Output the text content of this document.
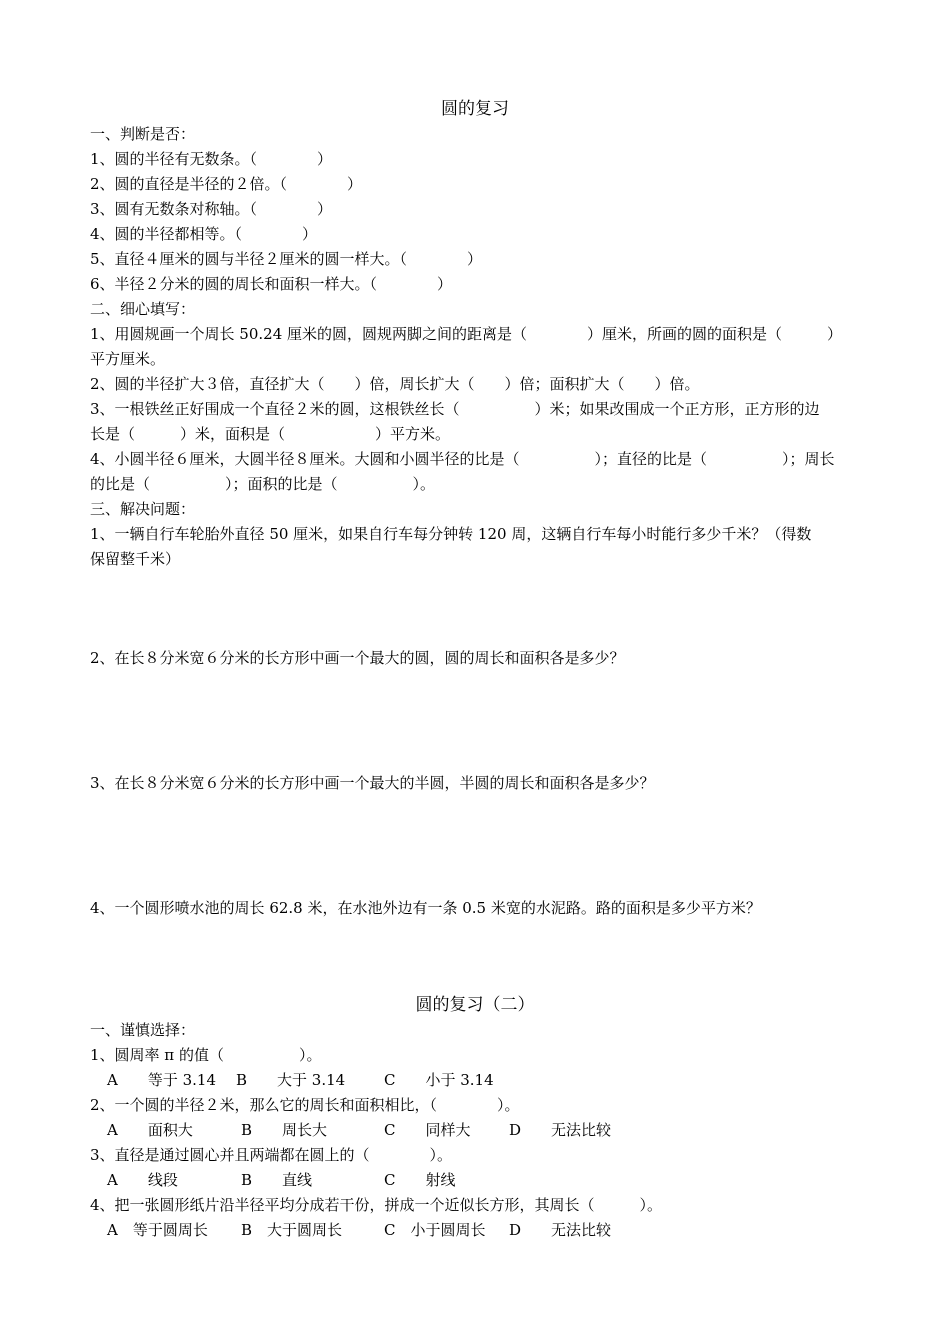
圆的复习
一、判断是否：
1、圆的半径有无数条。（　　　　）
2、圆的直径是半径的２倍。（　　　　）
3、圆有无数条对称轴。（　　　　）
4、圆的半径都相等。（　　　　）
5、直径４厘米的圆与半径２厘米的圆一样大。（　　　　）
6、半径２分米的圆的周长和面积一样大。（　　　　）
二、细心填写：
1、用圆规画一个周长 50.24 厘米的圆，圆规两脚之间的距离是（　　　　）厘米，所画的圆的面积是（　　　）
平方厘米。
2、圆的半径扩大３倍，直径扩大（　　）倍，周长扩大（　　）倍；面积扩大（　　）倍。
3、一根铁丝正好围成一个直径２米的圆，这根铁丝长（　　　　　）米；如果改围成一个正方形，正方形的边
长是（　　　）米，面积是（　　　　　　）平方米。
4、小圆半径６厘米，大圆半径８厘米。大圆和小圆半径的比是（　　　　　）；直径的比是（　　　　　）；周长
的比是（　　　　　）；面积的比是（　　　　　）。
三、解决问题：
1、一辆自行车轮胎外直径 50 厘米，如果自行车每分钟转 120 周，这辆自行车每小时能行多少千米？（得数
保留整千米）
2、在长８分米宽６分米的长方形中画一个最大的圆，圆的周长和面积各是多少？
3、在长８分米宽６分米的长方形中画一个最大的半圆，半圆的周长和面积各是多少？
4、一个圆形喷水池的周长 62.8 米，在水池外边有一条 0.5 米宽的水泥路。路的面积是多少平方米？
圆的复习（二）
一、谨慎选择：
1、圆周率 π 的值（　　　　　）。
A　　等于 3.14 B　　大于 3.14	C　　小于 3.14
2、一个圆的半径２米，那么它的周长和面积相比，（　　　　）。
A　　面积大	B　　周长大	C　　同样大	D　　无法比较
3、直径是通过圆心并且两端都在圆上的（　　　　）。
A　　线段	B　　直线	C　　射线
4、把一张圆形纸片沿半径平均分成若干份，拼成一个近似长方形，其周长（　　　）。
A　等于圆周长 B　大于圆周长	C　小于圆周长 D　　无法比较
